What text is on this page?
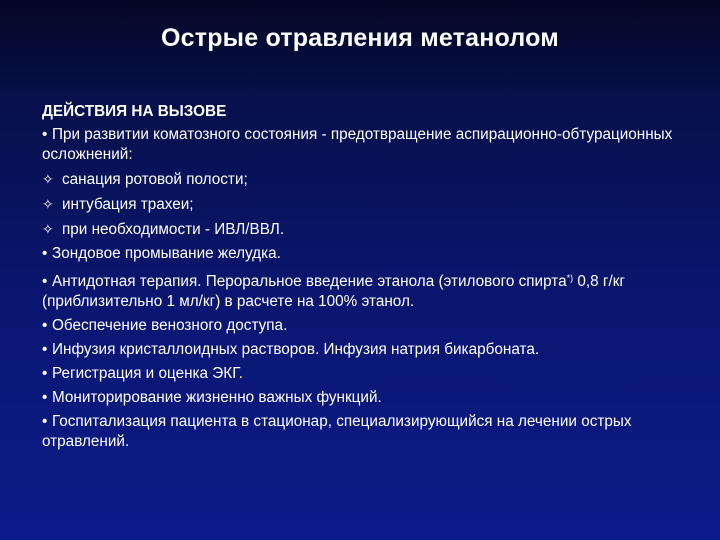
Острые отравления метанолом
ДЕЙСТВИЯ НА ВЫЗОВЕ
• При развитии коматозного состояния - предотвращение аспирационно-обтурационных осложнений:
✧ санация ротовой полости;
✧ интубация трахеи;
✧ при необходимости - ИВЛ/ВВЛ.
• Зондовое промывание желудка.
• Антидотная терапия. Пероральное введение этанола (этилового спирта*) 0,8 г/кг (приблизительно 1 мл/кг) в расчете на 100% этанол.
• Обеспечение венозного доступа.
• Инфузия кристаллоидных растворов. Инфузия натрия бикарбоната.
• Регистрация и оценка ЭКГ.
• Мониторирование жизненно важных функций.
• Госпитализация пациента в стационар, специализирующийся на лечении острых отравлений.
